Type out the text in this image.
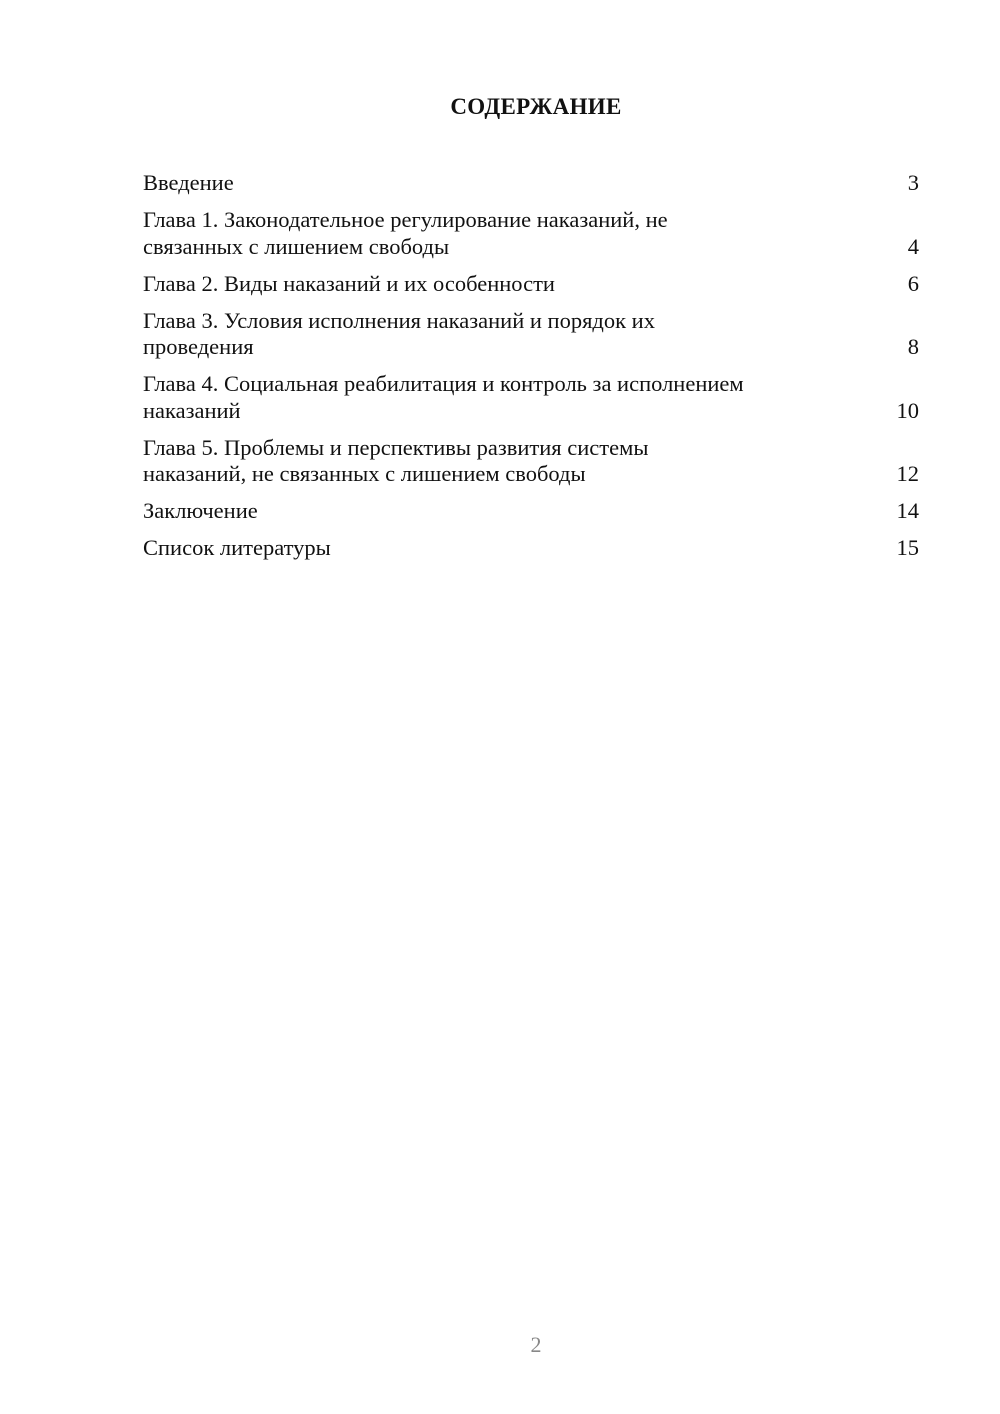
СОДЕРЖАНИЕ
Введение	3
Глава 1. Законодательное регулирование наказаний, не
связанных с лишением свободы	4
Глава 2. Виды наказаний и их особенности	6
Глава 3. Условия исполнения наказаний и порядок их
проведения	8
Глава 4. Социальная реабилитация и контроль за исполнением
наказаний	10
Глава 5. Проблемы и перспективы развития системы
наказаний, не связанных с лишением свободы	12
Заключение	14
Список литературы	15
2
